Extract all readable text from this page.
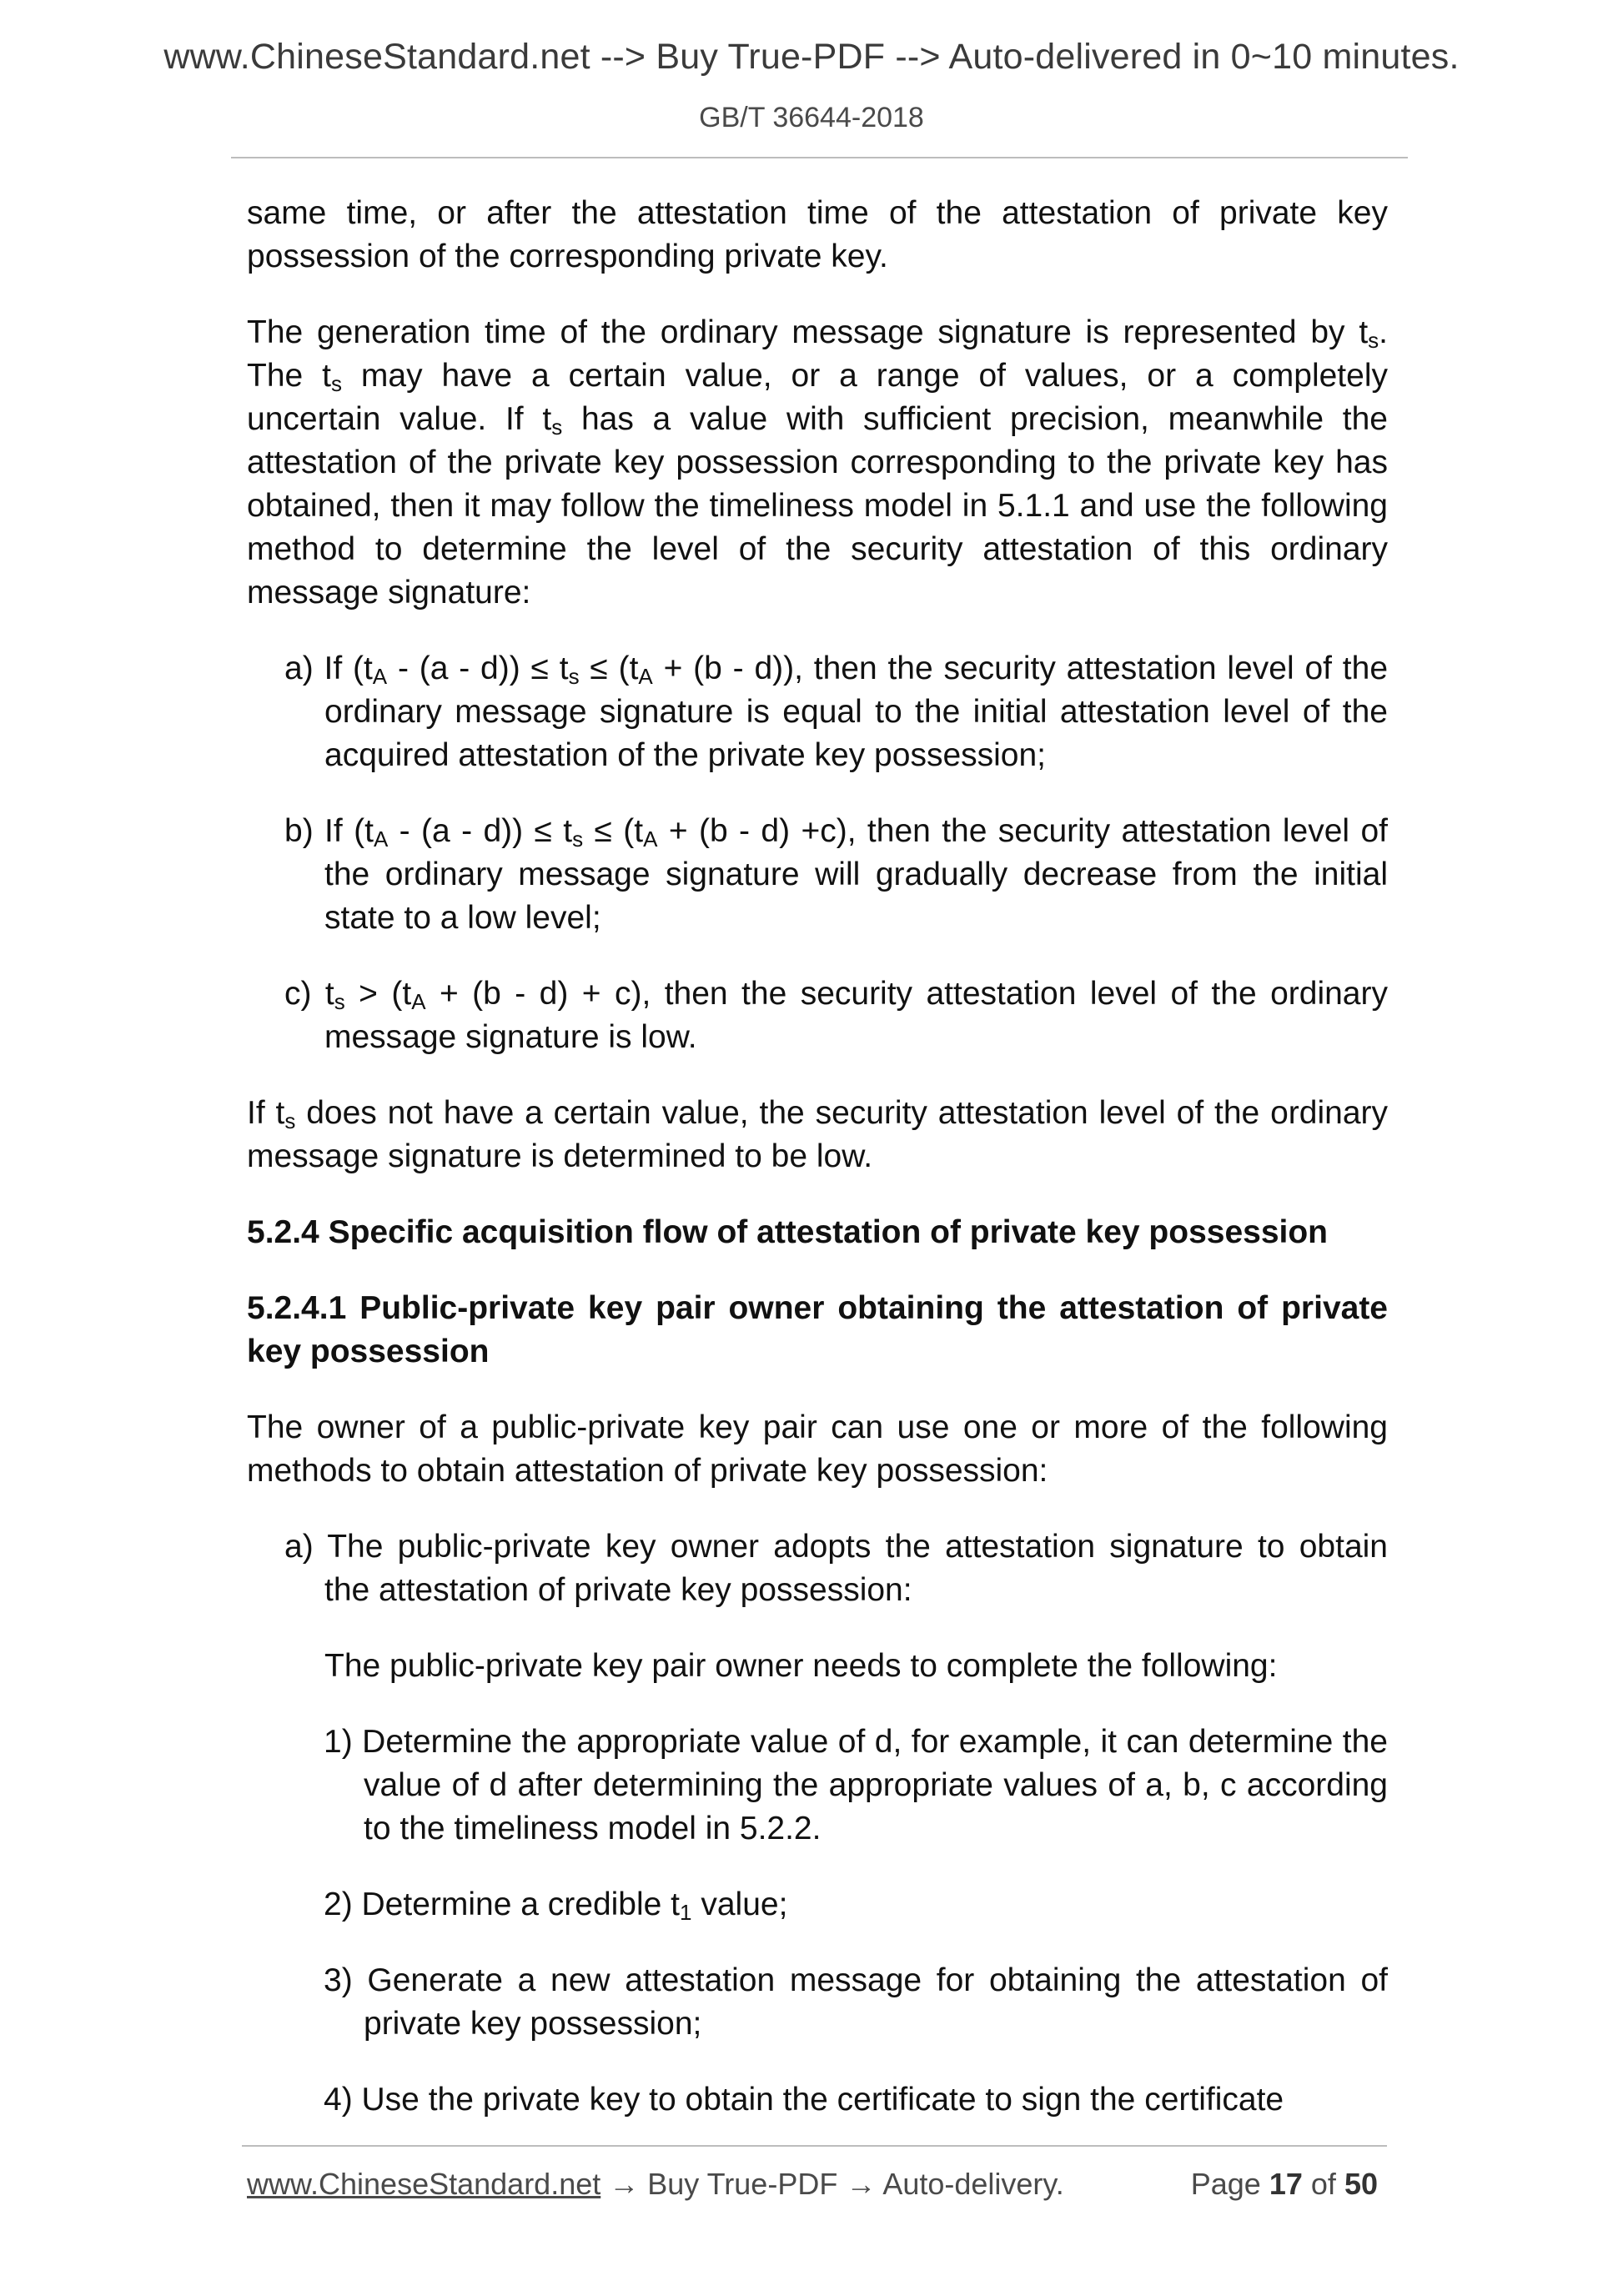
www.ChineseStandard.net --> Buy True-PDF --> Auto-delivered in 0~10 minutes.
GB/T 36644-2018

same time, or after the attestation time of the attestation of private key possession of the corresponding private key.

The generation time of the ordinary message signature is represented by $t_s$. The $t_s$ may have a certain value, or a range of values, or a completely uncertain value. If $t_s$ has a value with sufficient precision, meanwhile the attestation of the private key possession corresponding to the private key has obtained, then it may follow the timeliness model in 5.1.1 and use the following method to determine the level of the security attestation of this ordinary message signature:

a) If $(t_A - (a - d)) \le t_s \le (t_A + (b - d))$, then the security attestation level of the ordinary message signature is equal to the initial attestation level of the acquired attestation of the private key possession;

b) If $(t_A - (a - d)) \le t_s \le (t_A + (b - d) +c)$, then the security attestation level of the ordinary message signature will gradually decrease from the initial state to a low level;

c) $t_s > (t_A + (b - d) + c)$, then the security attestation level of the ordinary message signature is low.

If $t_s$ does not have a certain value, the security attestation level of the ordinary message signature is determined to be low.

5.2.4 Specific acquisition flow of attestation of private key possession
5.2.4.1 Public-private key pair owner obtaining the attestation of private key possession

The owner of a public-private key pair can use one or more of the following methods to obtain attestation of private key possession:

a) The public-private key owner adopts the attestation signature to obtain the attestation of private key possession:

The public-private key pair owner needs to complete the following:

1) Determine the appropriate value of d, for example, it can determine the value of d after determining the appropriate values of a, b, c according to the timeliness model in 5.2.2.

2) Determine a credible $t_1$ value;

3) Generate a new attestation message for obtaining the attestation of private key possession;

4) Use the private key to obtain the certificate to sign the certificate

www.ChineseStandard.net → Buy True-PDF → Auto-delivery.	Page 17 of 50
